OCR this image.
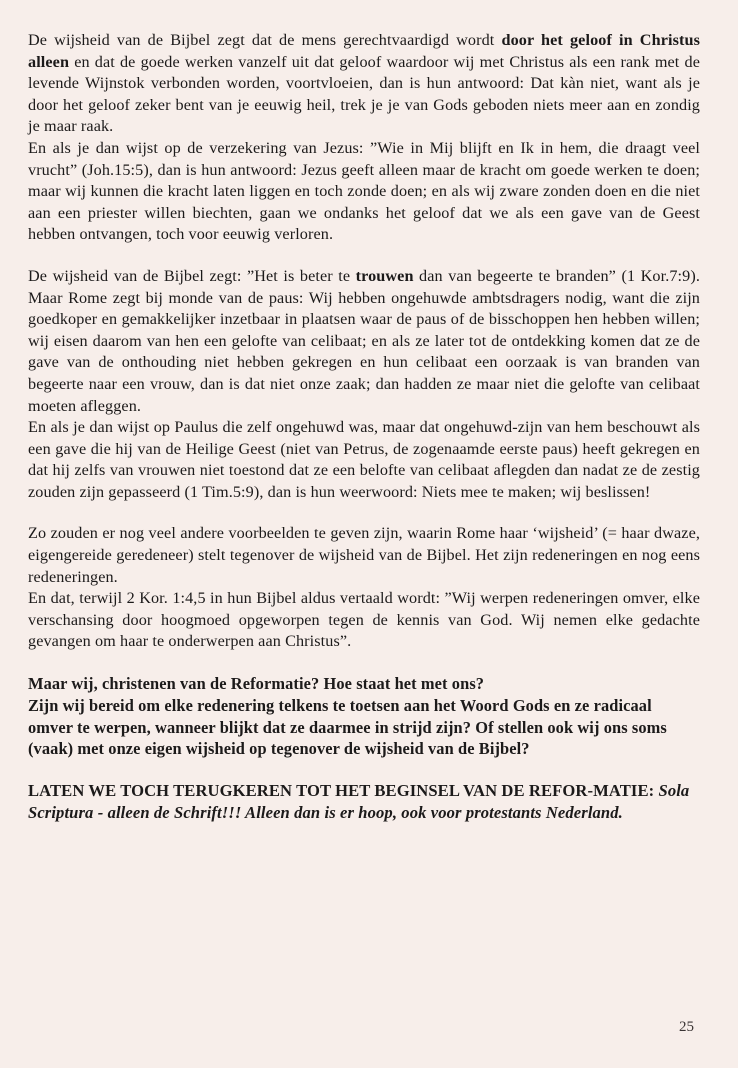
De wijsheid van de Bijbel zegt dat de mens gerechtvaardigd wordt door het geloof in Christus alleen en dat de goede werken vanzelf uit dat geloof waardoor wij met Christus als een rank met de levende Wijnstok verbonden worden, voortvloeien, dan is hun antwoord: Dat kàn niet, want als je door het geloof zeker bent van je eeuwig heil, trek je je van Gods geboden niets meer aan en zondig je maar raak.

En als je dan wijst op de verzekering van Jezus: ”Wie in Mij blijft en Ik in hem, die draagt veel vrucht” (Joh.15:5), dan is hun antwoord: Jezus geeft alleen maar de kracht om goede werken te doen; maar wij kunnen die kracht laten liggen en toch zonde doen; en als wij zware zonden doen en die niet aan een priester willen biechten, gaan we ondanks het geloof dat we als een gave van de Geest hebben ontvangen, toch voor eeuwig verloren.

De wijsheid van de Bijbel zegt: ”Het is beter te trouwen dan van begeerte te branden” (1 Kor.7:9). Maar Rome zegt bij monde van de paus: Wij hebben ongehuwde ambtsdragers nodig, want die zijn goedkoper en gemakkelijker inzetbaar in plaatsen waar de paus of de bisschoppen hen hebben willen; wij eisen daarom van hen een gelofte van celibaat; en als ze later tot de ontdekking komen dat ze de gave van de onthouding niet hebben gekregen en hun celibaat een oorzaak is van branden van begeerte naar een vrouw, dan is dat niet onze zaak; dan hadden ze maar niet die gelofte van celibaat moeten afleggen.

En als je dan wijst op Paulus die zelf ongehuwd was, maar dat ongehuwd-zijn van hem beschouwt als een gave die hij van de Heilige Geest (niet van Petrus, de zogenaamde eerste paus) heeft gekregen en dat hij zelfs van vrouwen niet toestond dat ze een belofte van celibaat aflegden dan nadat ze de zestig zouden zijn gepasseerd (1 Tim.5:9), dan is hun weerwoord: Niets mee te maken; wij beslissen!

Zo zouden er nog veel andere voorbeelden te geven zijn, waarin Rome haar ‘wijsheid’ (= haar dwaze, eigengereide geredeneer) stelt tegenover de wijsheid van de Bijbel. Het zijn redeneringen en nog eens redeneringen.

En dat, terwijl 2 Kor. 1:4,5 in hun Bijbel aldus vertaald wordt: ”Wij werpen redeneringen omver, elke verschansing door hoogmoed opgeworpen tegen de kennis van God. Wij nemen elke gedachte gevangen om haar te onderwerpen aan Christus”.

Maar wij, christenen van de Reformatie? Hoe staat het met ons?

Zijn wij bereid om elke redenering telkens te toetsen aan het Woord Gods en ze radicaal omver te werpen, wanneer blijkt dat ze daarmee in strijd zijn? Of stellen ook wij ons soms (vaak) met onze eigen wijsheid op tegenover de wijsheid van de Bijbel?

LATEN WE TOCH TERUGKEREN TOT HET BEGINSEL VAN DE REFOR-MATIE: Sola Scriptura - alleen de Schrift!!! Alleen dan is er hoop, ook voor protestants Nederland.

25
